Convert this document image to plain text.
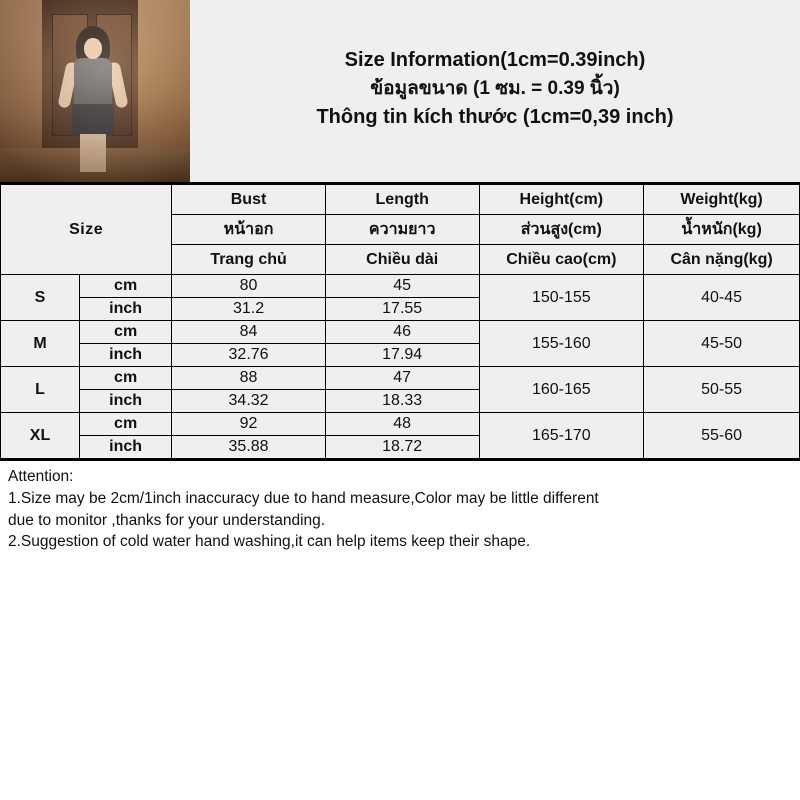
Size Information(1cm=0.39inch)
ข้อมูลขนาด (1 ซม. = 0.39 นิ้ว)
Thông tin kích thước (1cm=0,39 inch)
Size		Bust	Length	Height(cm)	Weight(kg)
		หน้าอก	ความยาว	ส่วนสูง(cm)	น้ำหนัก(kg)
		Trang chủ	Chiều dài	Chiều cao(cm)	Cân nặng(kg)
S	cm	80	45	150-155	40-45
	inch	31.2	17.55		
M	cm	84	46	155-160	45-50
	inch	32.76	17.94		
L	cm	88	47	160-165	50-55
	inch	34.32	18.33		
XL	cm	92	48	165-170	55-60
	inch	35.88	18.72		

Attention:

1.Size may be 2cm/1inch inaccuracy due to hand measure,Color may be little different

due to monitor ,thanks for your understanding.

2.Suggestion of cold water hand washing,it can help items keep their shape.
